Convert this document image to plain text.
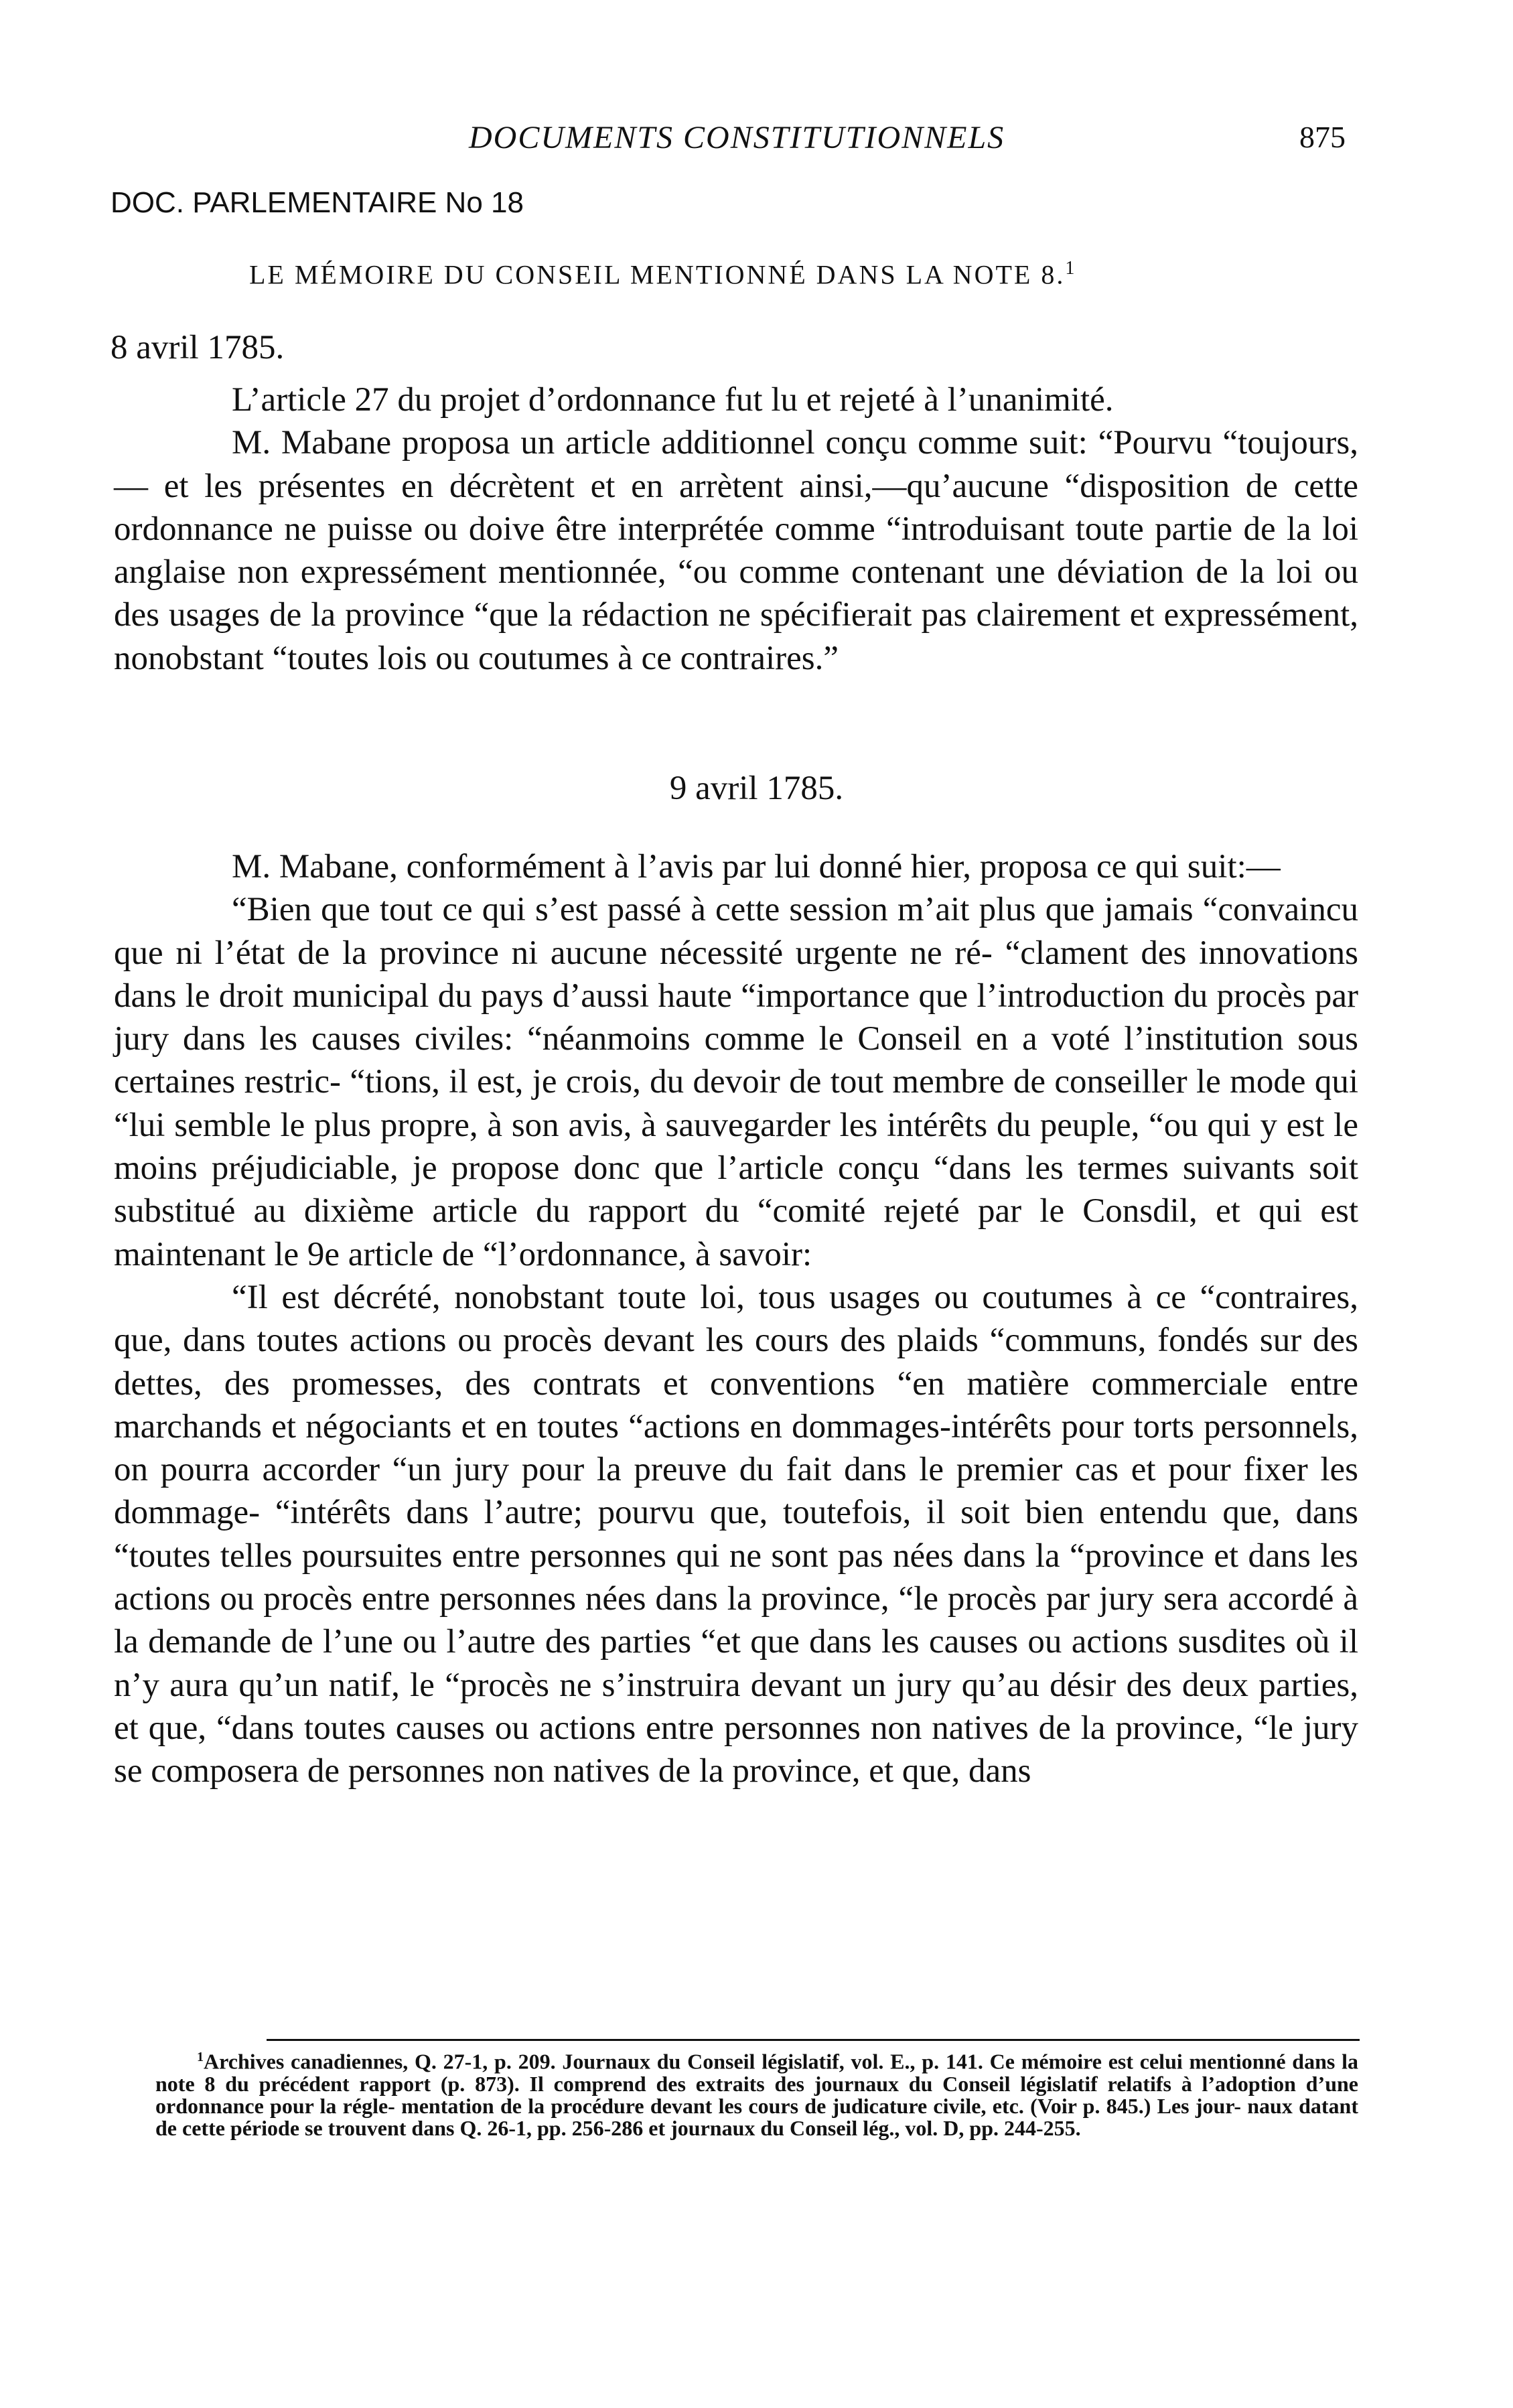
DOCUMENTS CONSTITUTIONNELS	875
DOC. PARLEMENTAIRE No 18
LE MÉMOIRE DU CONSEIL MENTIONNÉ DANS LA NOTE 8.$^1$
8 avril 1785.

L’article 27 du projet d’ordonnance fut lu et rejeté à l’unanimité.

M. Mabane proposa un article additionnel conçu comme suit: “Pourvu “toujours,— et les présentes en décrètent et en arrètent ainsi,—qu’aucune “disposition de cette ordonnance ne puisse ou doive être interprétée comme “introduisant toute partie de la loi anglaise non expressément mentionnée, “ou comme contenant une déviation de la loi ou des usages de la province “que la rédaction ne spécifierait pas clairement et expressément, nonobstant “toutes lois ou coutumes à ce contraires.”

9 avril 1785.

M. Mabane, conformément à l’avis par lui donné hier, proposa ce qui suit:—

“Bien que tout ce qui s’est passé à cette session m’ait plus que jamais “convaincu que ni l’état de la province ni aucune nécessité urgente ne ré- “clament des innovations dans le droit municipal du pays d’aussi haute “importance que l’introduction du procès par jury dans les causes civiles: “néanmoins comme le Conseil en a voté l’institution sous certaines restric- “tions, il est, je crois, du devoir de tout membre de conseiller le mode qui “lui semble le plus propre, à son avis, à sauvegarder les intérêts du peuple, “ou qui y est le moins préjudiciable, je propose donc que l’article conçu “dans les termes suivants soit substitué au dixième article du rapport du “comité rejeté par le Consdil, et qui est maintenant le 9e article de “l’ordonnance, à savoir:

“Il est décrété, nonobstant toute loi, tous usages ou coutumes à ce “contraires, que, dans toutes actions ou procès devant les cours des plaids “communs, fondés sur des dettes, des promesses, des contrats et conventions “en matière commerciale entre marchands et négociants et en toutes “actions en dommages-intérêts pour torts personnels, on pourra accorder “un jury pour la preuve du fait dans le premier cas et pour fixer les dommage- “intérêts dans l’autre; pourvu que, toutefois, il soit bien entendu que, dans “toutes telles poursuites entre personnes qui ne sont pas nées dans la “province et dans les actions ou procès entre personnes nées dans la province, “le procès par jury sera accordé à la demande de l’une ou l’autre des parties “et que dans les causes ou actions susdites où il n’y aura qu’un natif, le “procès ne s’instruira devant un jury qu’au désir des deux parties, et que, “dans toutes causes ou actions entre personnes non natives de la province, “le jury se composera de personnes non natives de la province, et que, dans

$^1$Archives canadiennes, Q. 27-1, p. 209. Journaux du Conseil législatif, vol. E., p. 141. Ce mémoire est celui mentionné dans la note 8 du précédent rapport (p. 873). Il comprend des extraits des journaux du Conseil législatif relatifs à l’adoption d’une ordonnance pour la régle- mentation de la procédure devant les cours de judicature civile, etc. (Voir p. 845.) Les jour- naux datant de cette période se trouvent dans Q. 26-1, pp. 256-286 et journaux du Conseil lég., vol. D, pp. 244-255.
